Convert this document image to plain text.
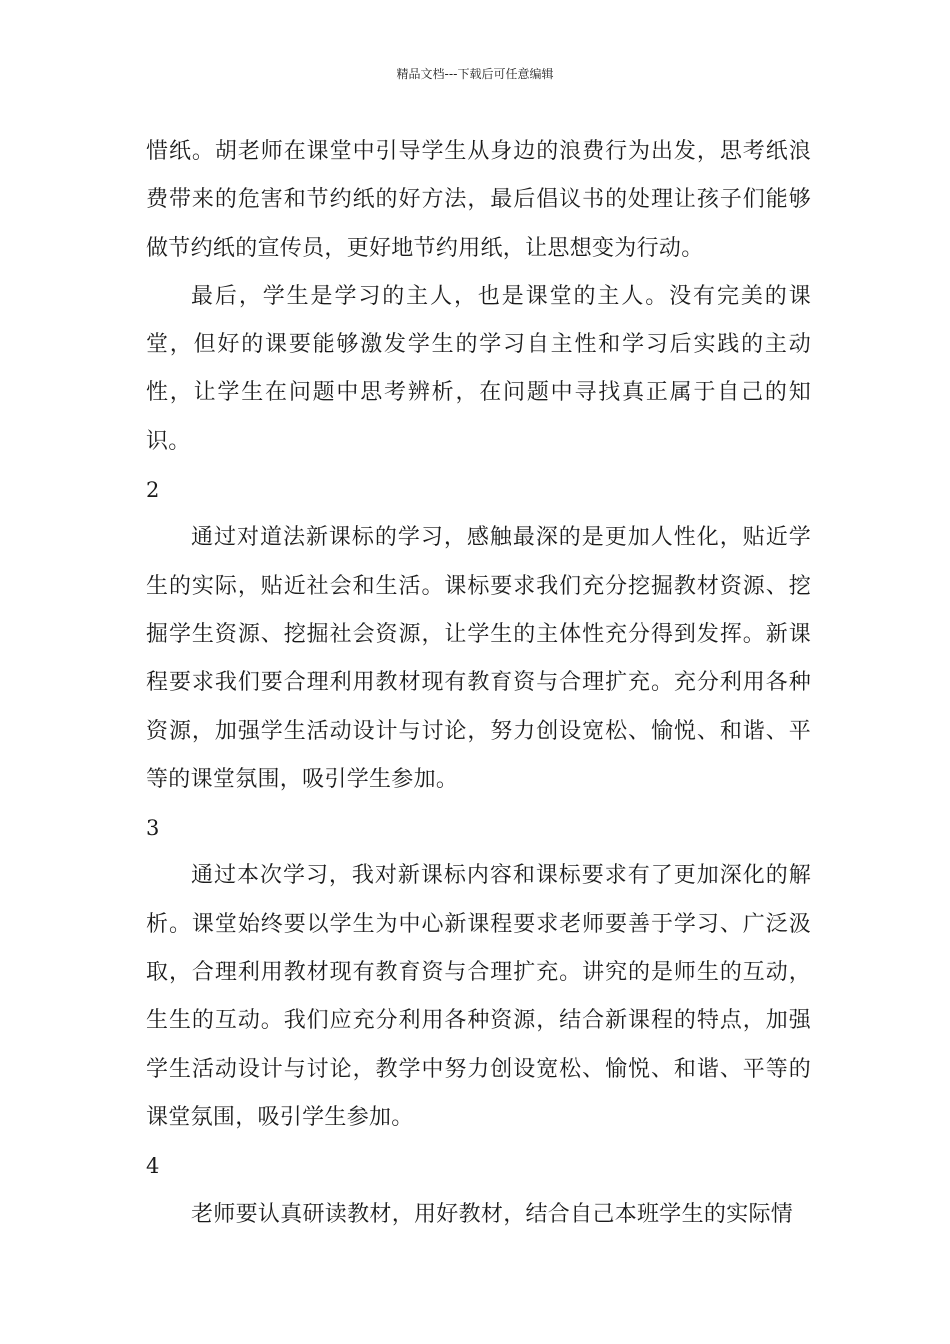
精品文档---下载后可任意编辑

惜纸。胡老师在课堂中引导学生从身边的浪费行为出发，思考纸浪费带来的危害和节约纸的好方法，最后倡议书的处理让孩子们能够做节约纸的宣传员，更好地节约用纸，让思想变为行动。

最后，学生是学习的主人，也是课堂的主人。没有完美的课堂，但好的课要能够激发学生的学习自主性和学习后实践的主动性，让学生在问题中思考辨析，在问题中寻找真正属于自己的知识。

2

通过对道法新课标的学习，感触最深的是更加人性化，贴近学生的实际，贴近社会和生活。课标要求我们充分挖掘教材资源、挖掘学生资源、挖掘社会资源，让学生的主体性充分得到发挥。新课程要求我们要合理利用教材现有教育资与合理扩充。充分利用各种资源，加强学生活动设计与讨论，努力创设宽松、愉悦、和谐、平等的课堂氛围，吸引学生参加。

3

通过本次学习，我对新课标内容和课标要求有了更加深化的解析。课堂始终要以学生为中心新课程要求老师要善于学习、广泛汲取，合理利用教材现有教育资与合理扩充。讲究的是师生的互动，生生的互动。我们应充分利用各种资源，结合新课程的特点，加强学生活动设计与讨论，教学中努力创设宽松、愉悦、和谐、平等的课堂氛围，吸引学生参加。

4

老师要认真研读教材，用好教材，结合自己本班学生的实际情
